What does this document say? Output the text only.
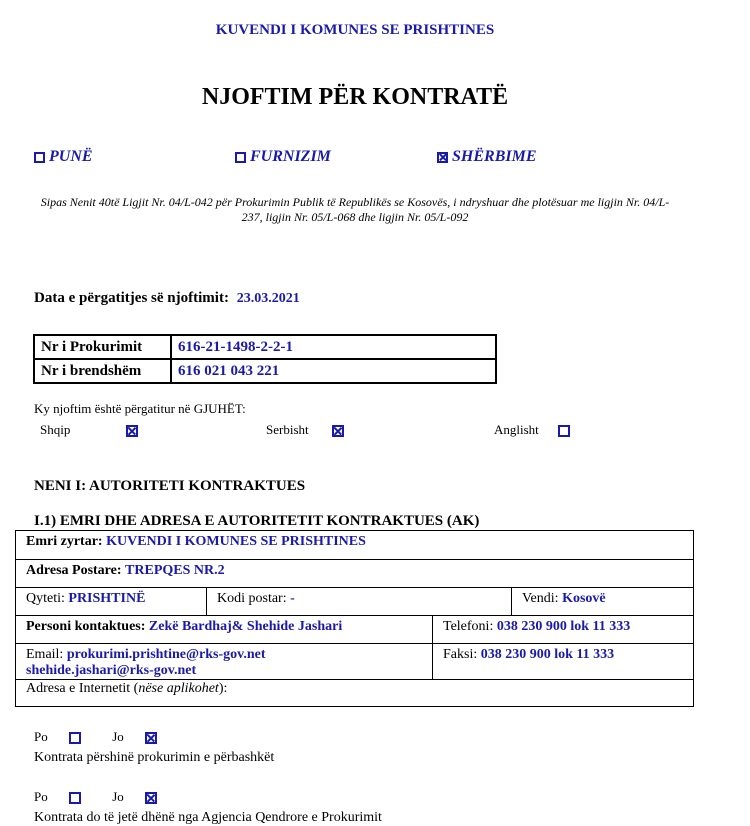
KUVENDI I KOMUNES SE PRISHTINES
NJOFTIM PËR KONTRATË
PUNË	FURNIZIM	SHËRBIME
Sipas Nenit 40të Ligjit Nr. 04/L-042 për Prokurimin Publik të Republikës se Kosovës, i ndryshuar dhe plotësuar me ligjin Nr. 04/L-237, ligjin Nr. 05/L-068 dhe ligjin Nr. 05/L-092
Data e përgatitjes së njoftimit: 23.03.2021
Nr i Prokurimit	616-21-1498-2-2-1
Nr i brendshëm	616 021 043 221
Ky njoftim është përgatitur në GJUHËT:
Shqip	Serbisht	Anglisht
NENI I: AUTORITETI KONTRAKTUES
I.1) EMRI DHE ADRESA E AUTORITETIT KONTRAKTUES (AK)
Emri zyrtar: KUVENDI I KOMUNES SE PRISHTINES
Adresa Postare: TREPQES NR.2
Qyteti: PRISHTINË	Kodi postar: -	Vendi: Kosovë
Personi kontaktues: Zekë Bardhaj& Shehide Jashari	Telefoni: 038 230 900 lok 11 333
Email: prokurimi.prishtine@rks-gov.net
shehide.jashari@rks-gov.net
Faksi: 038 230 900 lok 11 333
Adresa e Internetit (nëse aplikohet):
Po	Jo
Kontrata përshinë prokurimin e përbashkët
Po	Jo
Kontrata do të jetë dhënë nga Agjencia Qendrore e Prokurimit
